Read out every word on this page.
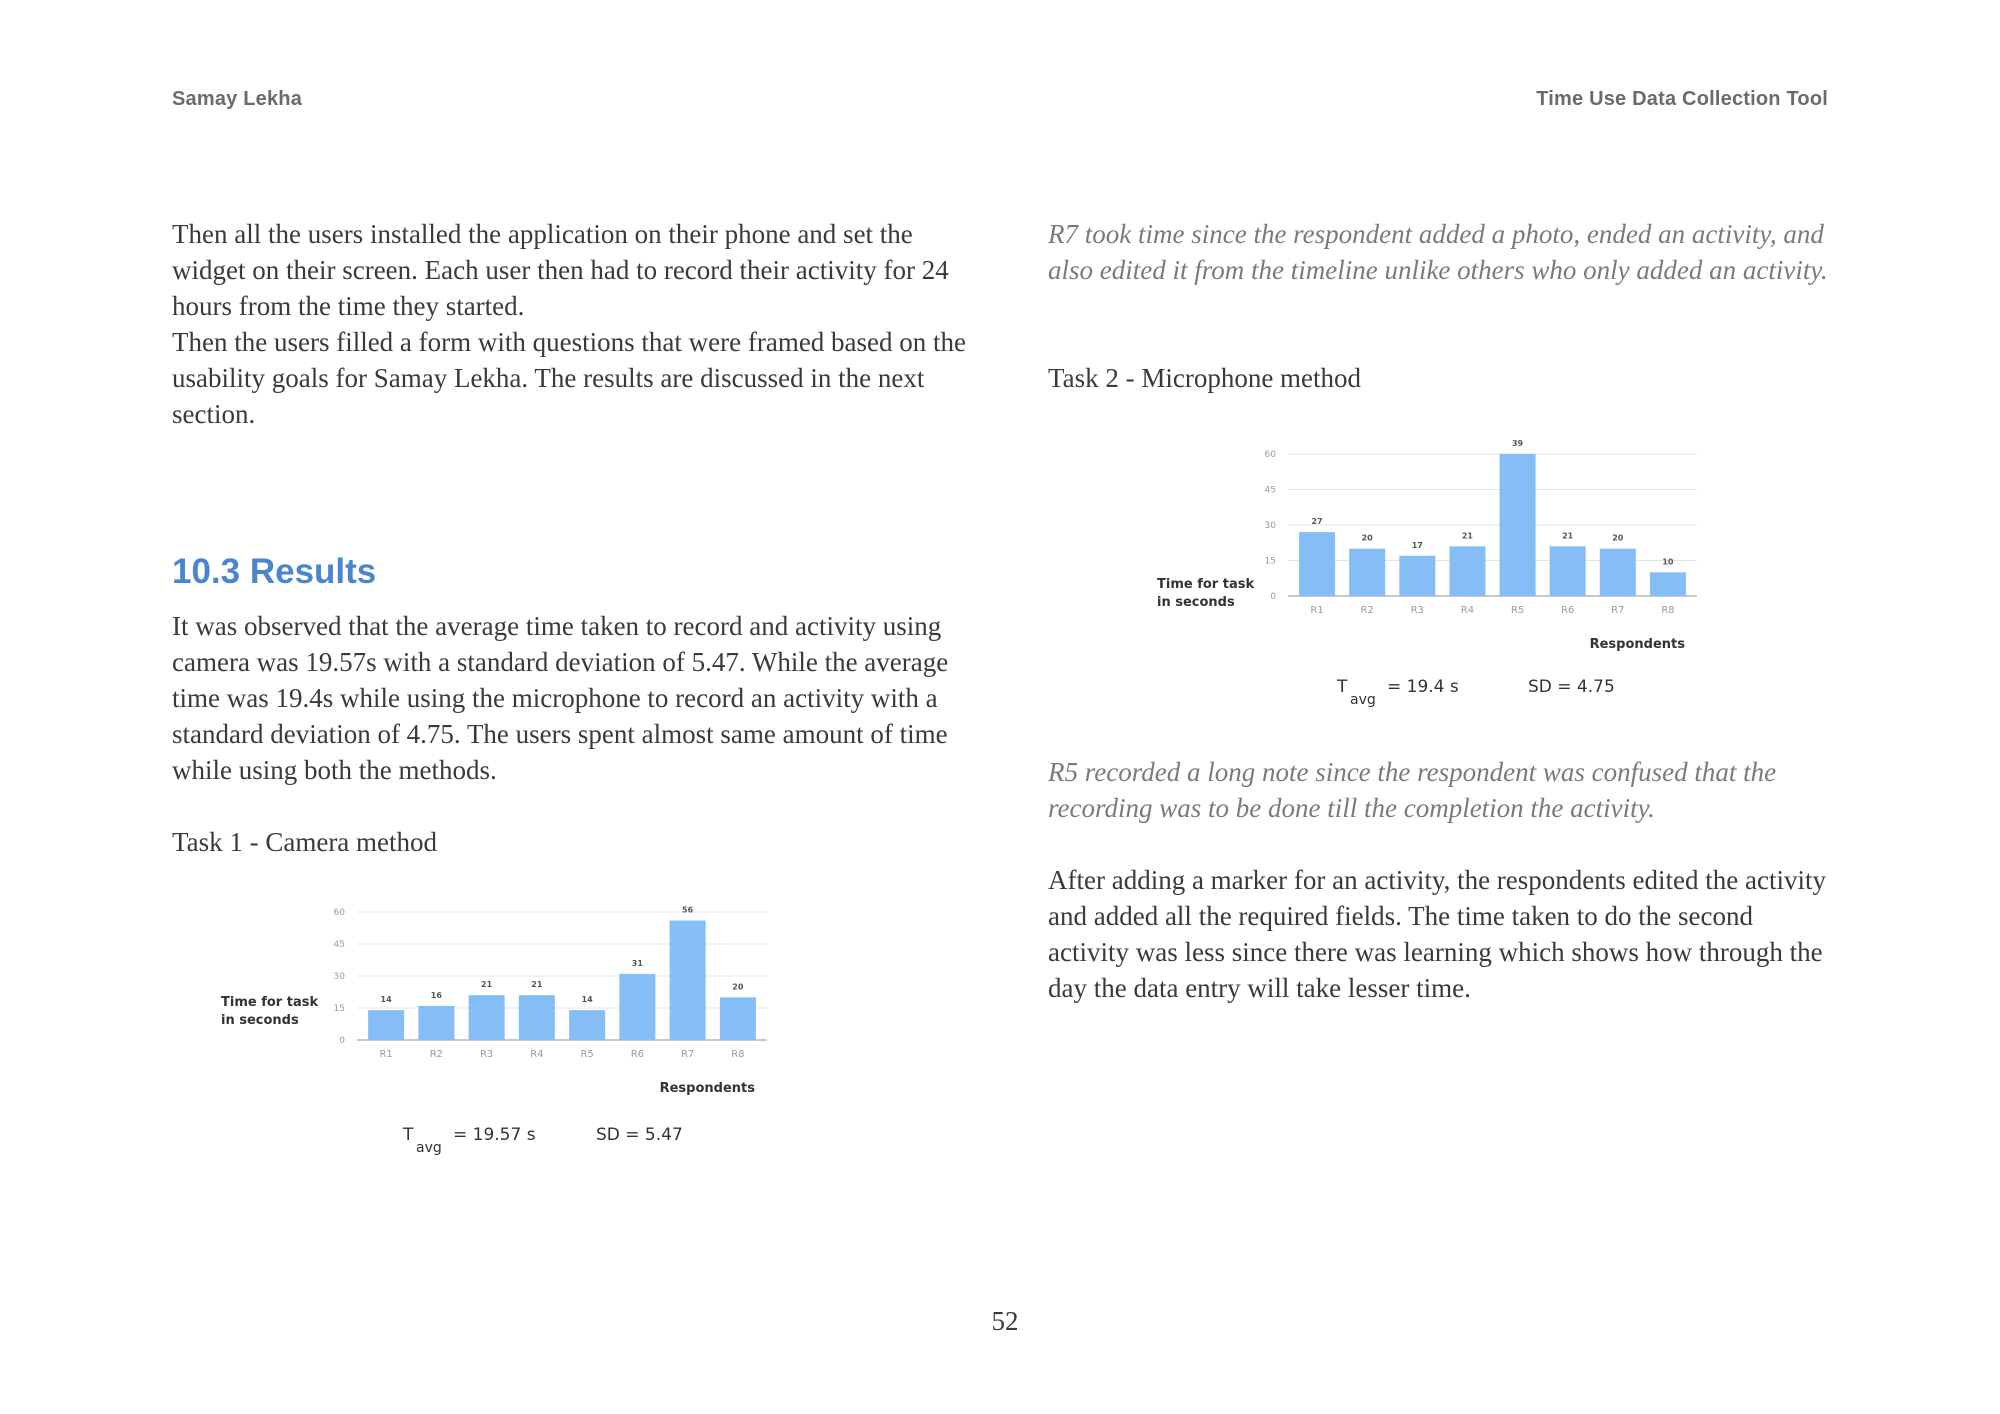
Samay Lekha	Time Use Data Collection Tool

Then all the users installed the application on their phone and set the widget on their screen. Each user then had to record their activity for 24 hours from the time they started.

Then the users filled a form with questions that were framed based on the usability goals for Samay Lekha. The results are discussed in the next section.

10.3 Results
It was observed that the average time taken to record and activity using camera was 19.57s with a standard deviation of 5.47. While the average time was 19.4s while using the microphone to record an activity with a standard deviation of 4.75. The users spent almost same amount of time while using both the methods.
Task 1 - Camera method
0
15
30
45
60
14
R1
16
R2
21
R3
21
R4
14
R5
31
R6
56
R7
20
R8
Time for task
in seconds
Respondents
T
avg
= 19.57 s	SD = 5.47
R7 took time since the respondent added a photo, ended an activity, and also edited it from the timeline unlike others who only added an activity.
Task 2 - Microphone method
0
15
30
45
60
27
R1
20
R2
17
R3
21
R4
39
R5
21
R6
20
R7
10
R8
Time for task
in seconds
Respondents
T
avg
= 19.4 s	SD = 4.75
R5 recorded a long note since the respondent was confused that the recording was to be done till the completion the activity.
After adding a marker for an activity, the respondents edited the activity and added all the required fields. The time taken to do the second activity was less since there was learning which shows how through the day the data entry will take lesser time.
52
